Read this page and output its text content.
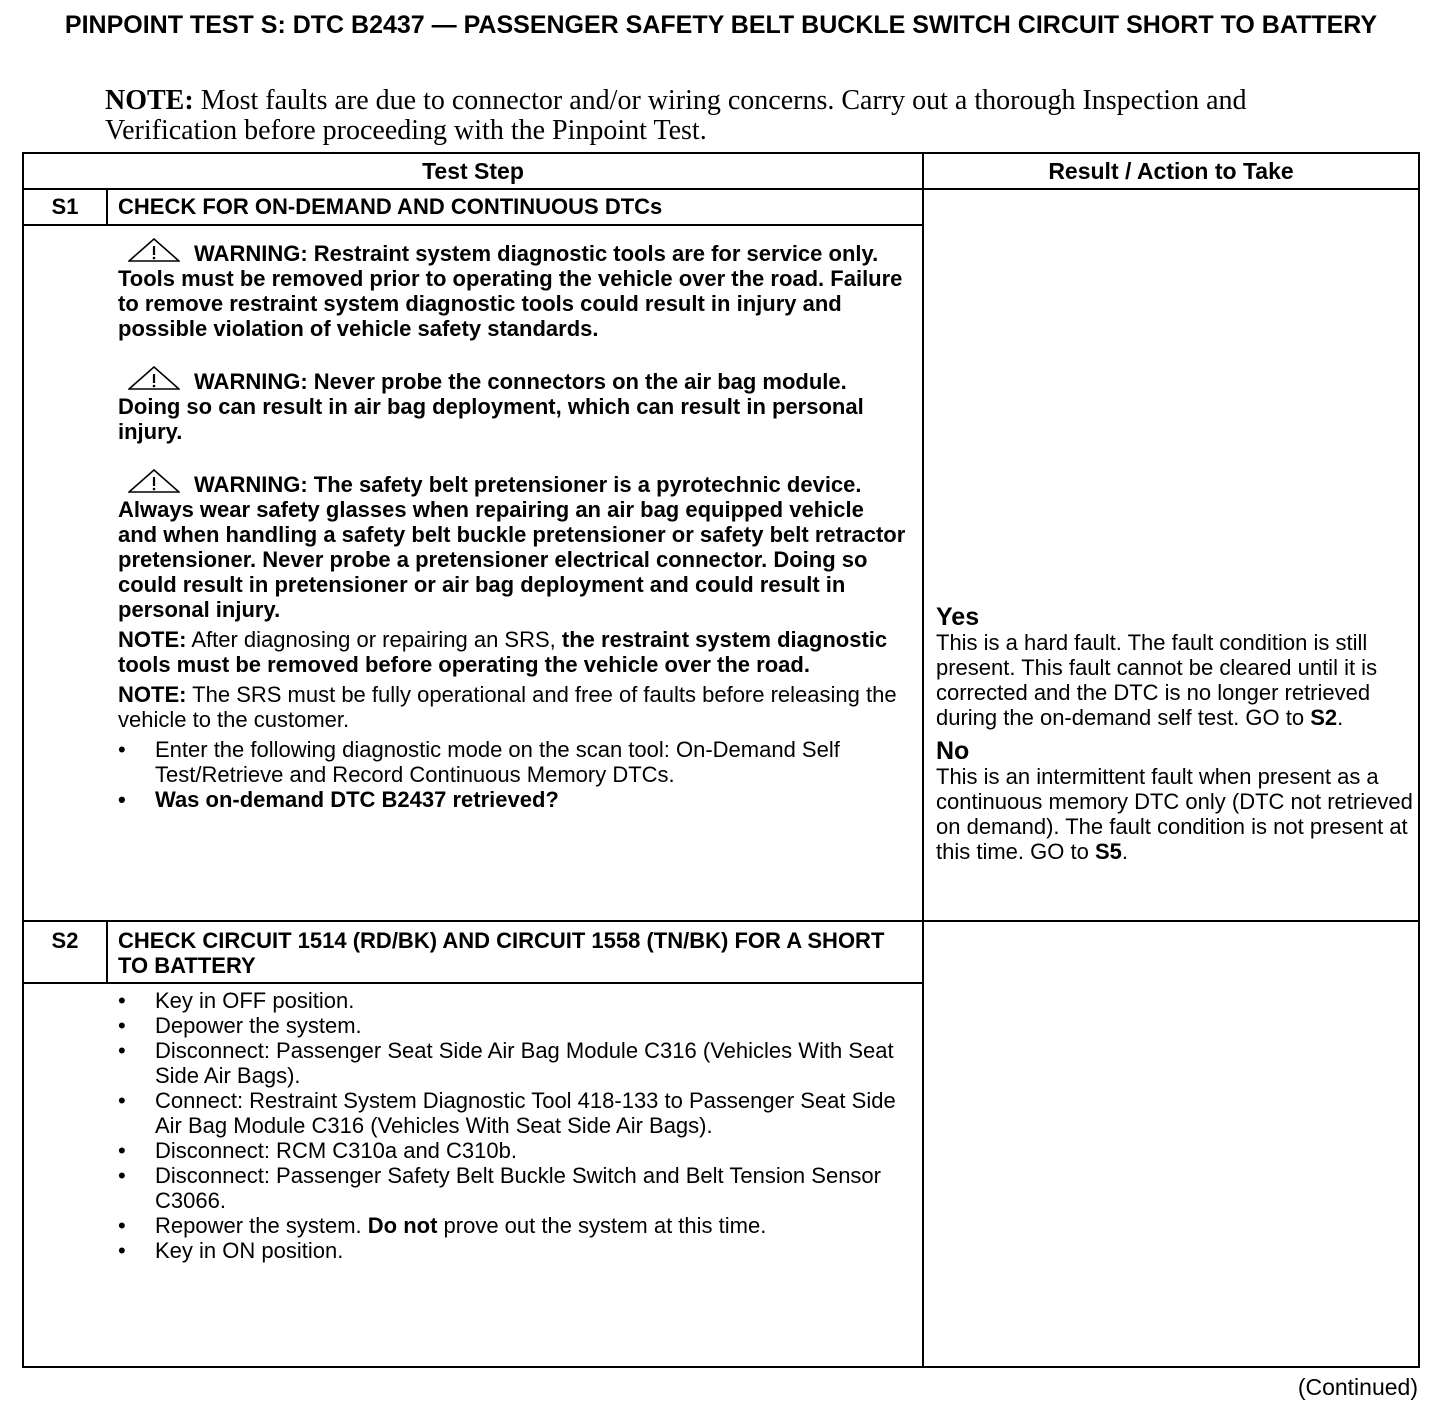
PINPOINT TEST S: DTC B2437 — PASSENGER SAFETY BELT BUCKLE SWITCH CIRCUIT SHORT TO BATTERY
NOTE: Most faults are due to connector and/or wiring concerns. Carry out a thorough Inspection and Verification before proceeding with the Pinpoint Test.
Test Step	Result / Action to Take
S1	CHECK FOR ON-DEMAND AND CONTINUOUS DTCs
WARNING: Restraint system diagnostic tools are for service only. Tools must be removed prior to operating the vehicle over the road. Failure to remove restraint system diagnostic tools could result in injury and possible violation of vehicle safety standards.
WARNING: Never probe the connectors on the air bag module. Doing so can result in air bag deployment, which can result in personal injury.
WARNING: The safety belt pretensioner is a pyrotechnic device. Always wear safety glasses when repairing an air bag equipped vehicle and when handling a safety belt buckle pretensioner or safety belt retractor pretensioner. Never probe a pretensioner electrical connector. Doing so could result in pretensioner or air bag deployment and could result in personal injury.
NOTE: After diagnosing or repairing an SRS, the restraint system diagnostic tools must be removed before operating the vehicle over the road.
NOTE: The SRS must be fully operational and free of faults before releasing the vehicle to the customer.
• Enter the following diagnostic mode on the scan tool: On-Demand Self Test/Retrieve and Record Continuous Memory DTCs.
• Was on-demand DTC B2437 retrieved?
Yes
This is a hard fault. The fault condition is still present. This fault cannot be cleared until it is corrected and the DTC is no longer retrieved during the on-demand self test. GO to S2.
No
This is an intermittent fault when present as a continuous memory DTC only (DTC not retrieved on demand). The fault condition is not present at this time. GO to S5.
S2	CHECK CIRCUIT 1514 (RD/BK) AND CIRCUIT 1558 (TN/BK) FOR A SHORT TO BATTERY
• Key in OFF position.
• Depower the system.
• Disconnect: Passenger Seat Side Air Bag Module C316 (Vehicles With Seat Side Air Bags).
• Connect: Restraint System Diagnostic Tool 418-133 to Passenger Seat Side Air Bag Module C316 (Vehicles With Seat Side Air Bags).
• Disconnect: RCM C310a and C310b.
• Disconnect: Passenger Safety Belt Buckle Switch and Belt Tension Sensor C3066.
• Repower the system. Do not prove out the system at this time.
• Key in ON position.
(Continued)
